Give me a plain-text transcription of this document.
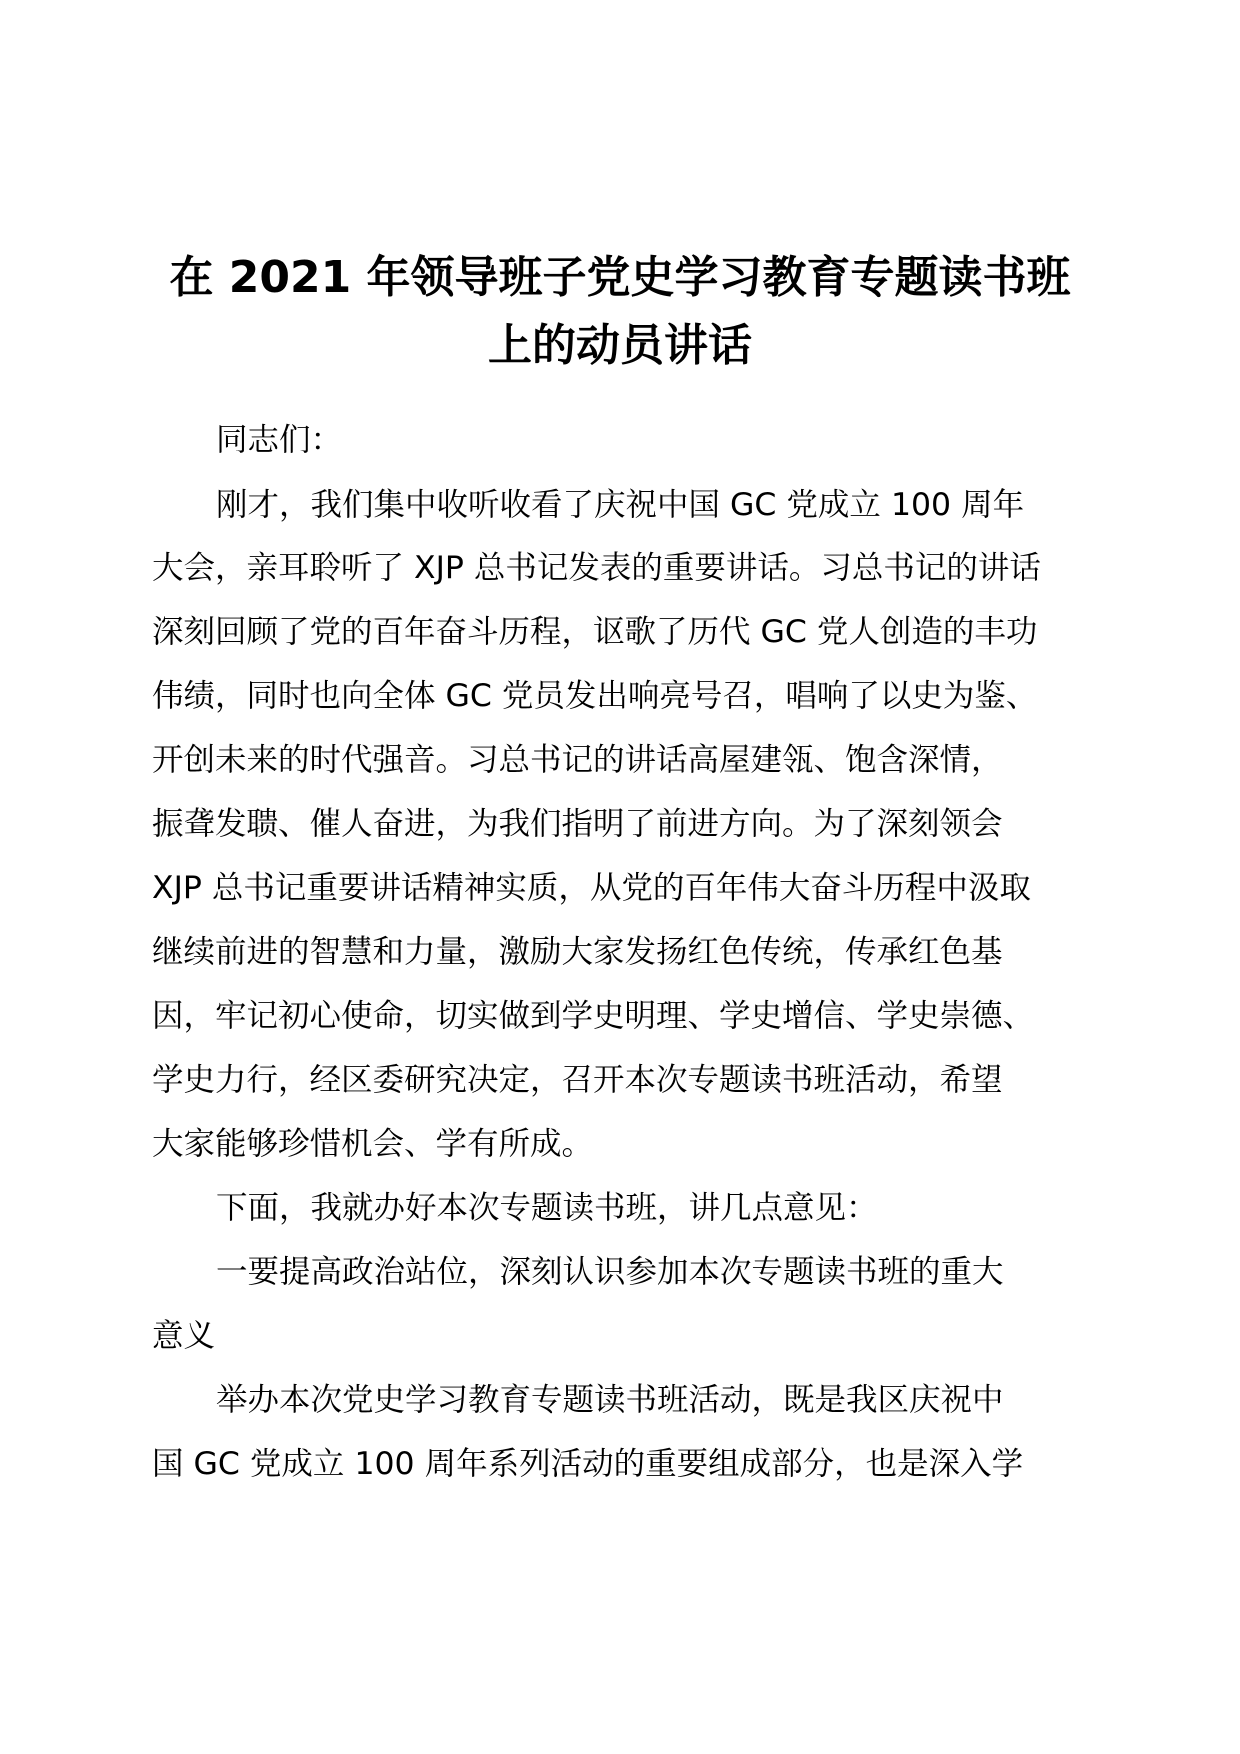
在 2021 年领导班子党史学习教育专题读书班
上的动员讲话
同志们：
刚才，我们集中收听收看了庆祝中国 GC 党成立 100 周年
大会，亲耳聆听了 XJP 总书记发表的重要讲话。习总书记的讲话
深刻回顾了党的百年奋斗历程，讴歌了历代 GC 党人创造的丰功
伟绩，同时也向全体 GC 党员发出响亮号召，唱响了以史为鉴、
开创未来的时代强音。习总书记的讲话高屋建瓴、饱含深情，
振聋发聩、催人奋进，为我们指明了前进方向。为了深刻领会
XJP 总书记重要讲话精神实质，从党的百年伟大奋斗历程中汲取
继续前进的智慧和力量，激励大家发扬红色传统，传承红色基
因，牢记初心使命，切实做到学史明理、学史增信、学史崇德、
学史力行，经区委研究决定，召开本次专题读书班活动，希望
大家能够珍惜机会、学有所成。
下面，我就办好本次专题读书班，讲几点意见：
一要提高政治站位，深刻认识参加本次专题读书班的重大
意义
举办本次党史学习教育专题读书班活动，既是我区庆祝中
国 GC 党成立 100 周年系列活动的重要组成部分，也是深入学
